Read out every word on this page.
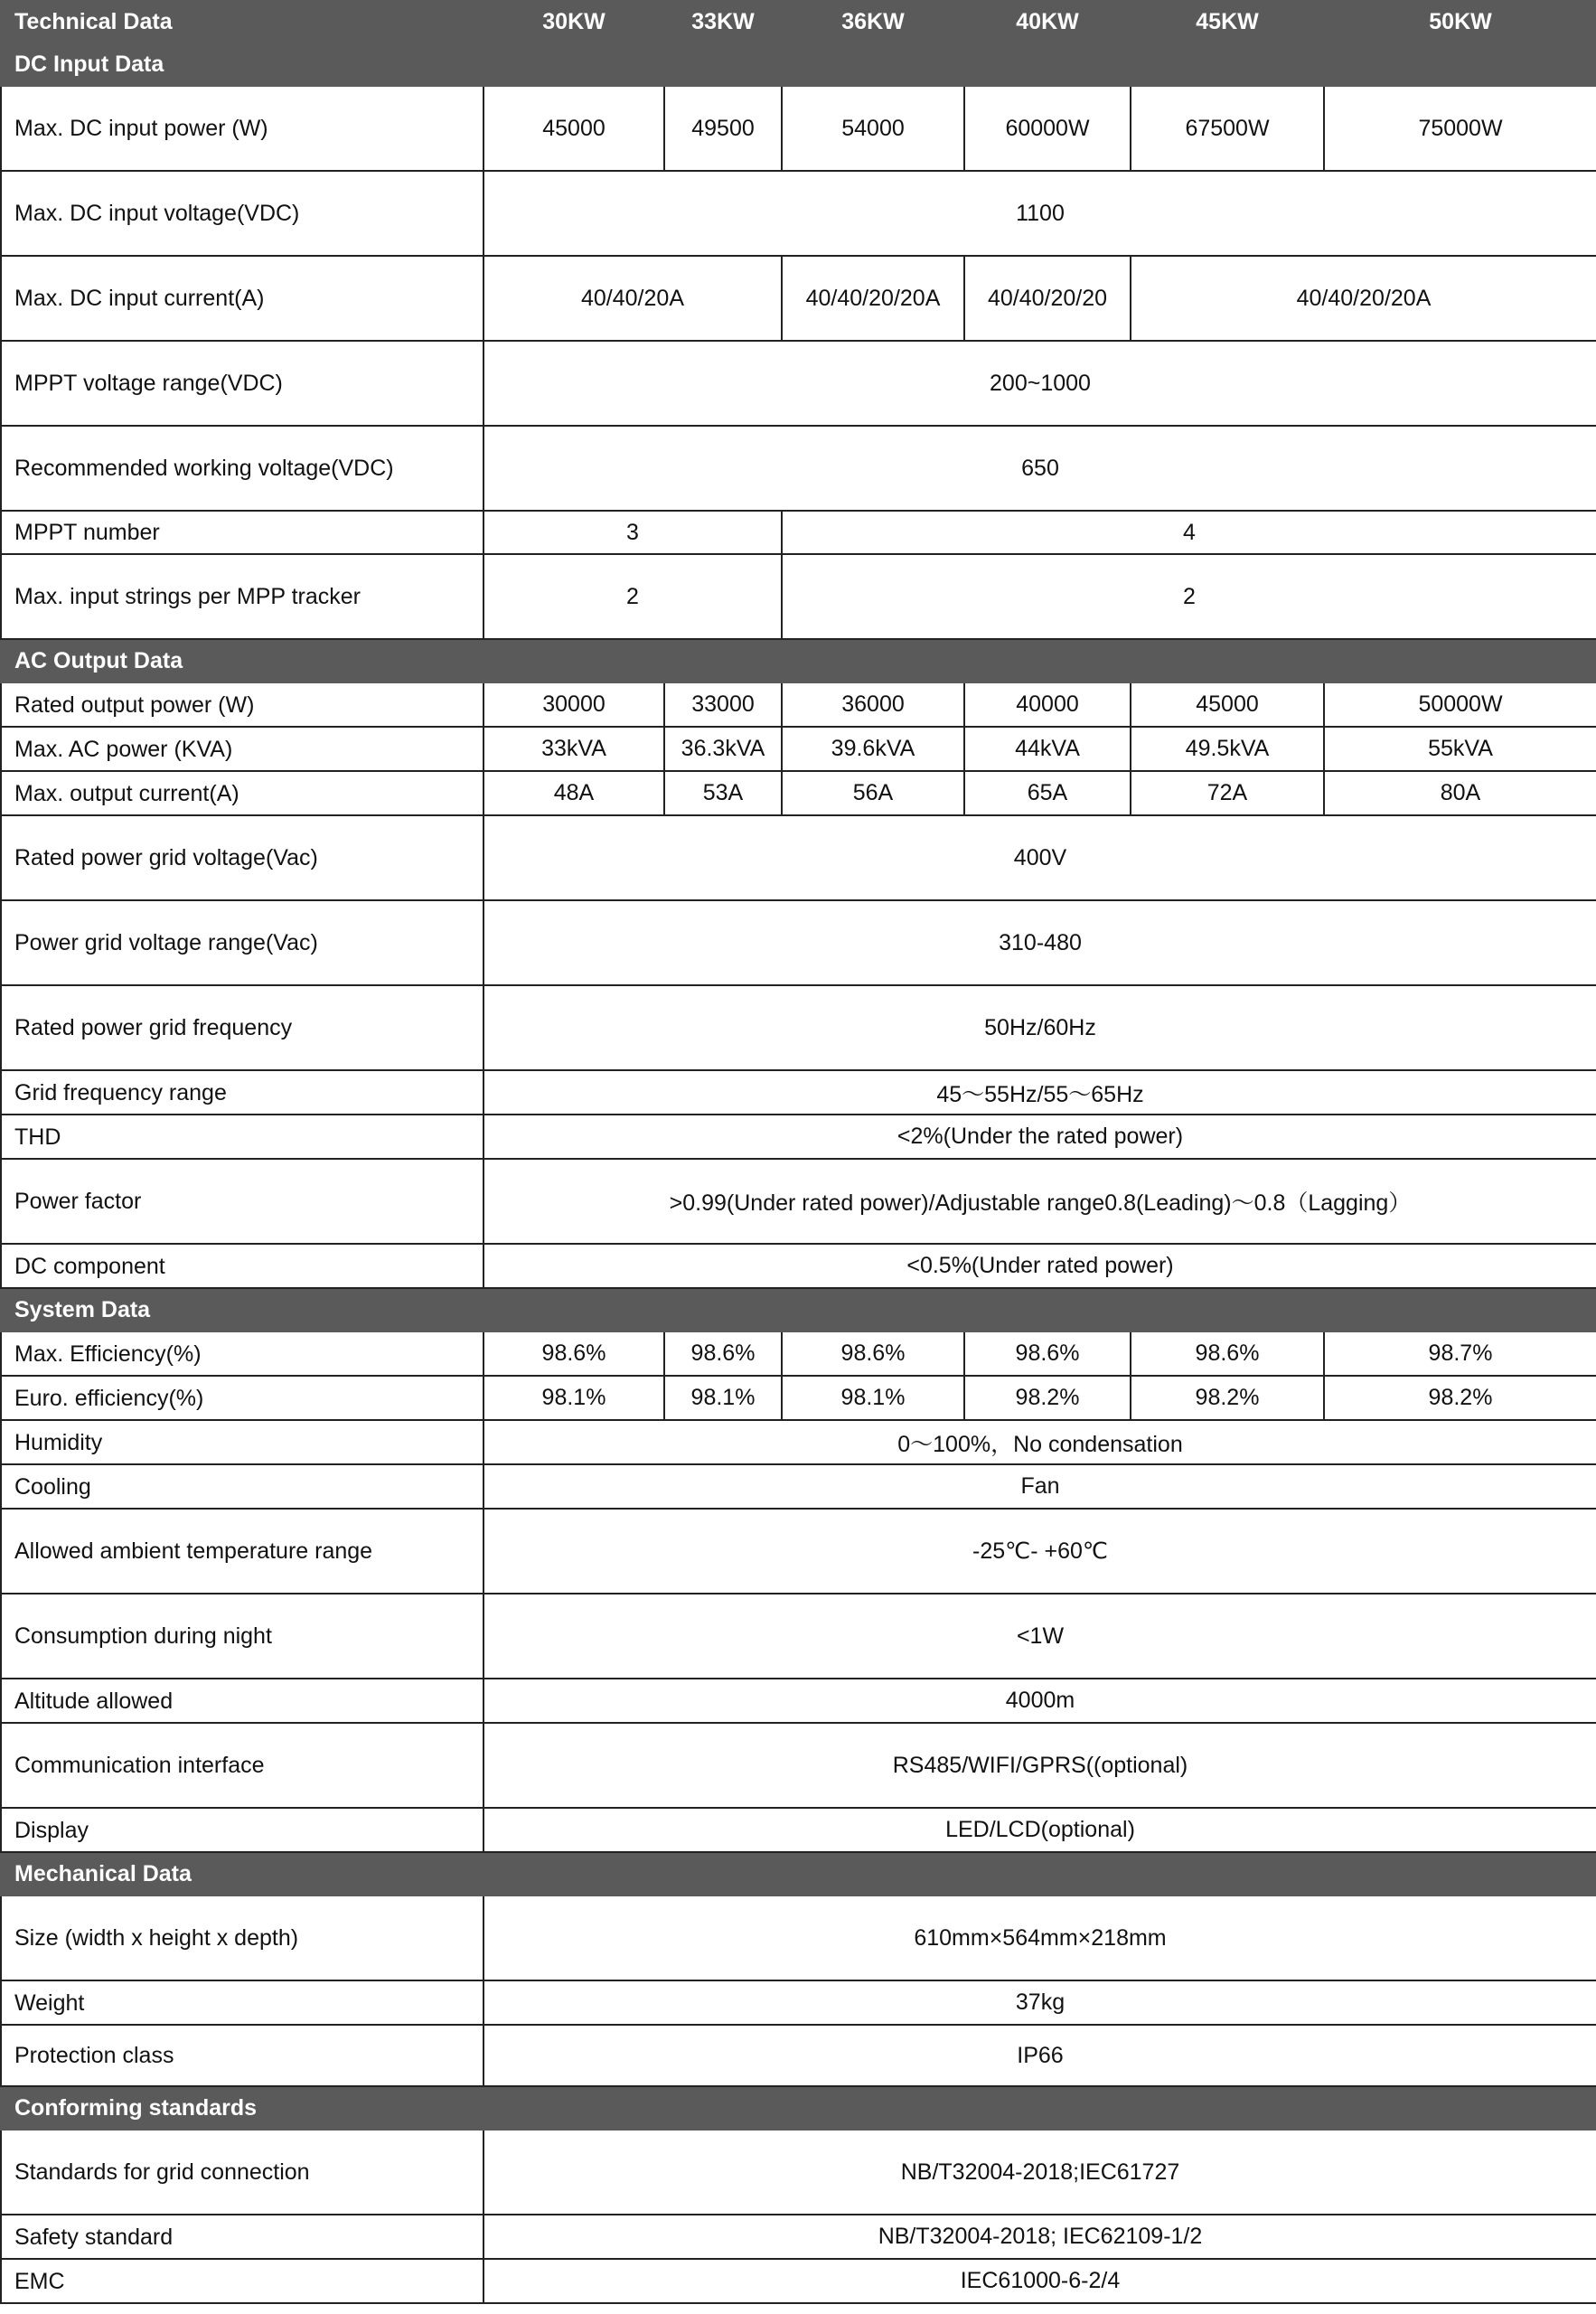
Technical Data	30KW	33KW	36KW	40KW	45KW	50KW
DC Input Data						
Max. DC input power (W)	45000	49500	54000	60000W	67500W	75000W
Max. DC input voltage(VDC)	1100					
Max. DC input current(A)	40/40/20A		40/40/20/20A	40/40/20/20	40/40/20/20A	
MPPT voltage range(VDC)	200~1000					
Recommended working voltage(VDC)	650					
MPPT number	3		4			
Max. input strings per MPP tracker	2		2			
AC Output Data						
Rated output power (W)	30000	33000	36000	40000	45000	50000W
Max. AC power (KVA)	33kVA	36.3kVA	39.6kVA	44kVA	49.5kVA	55kVA
Max. output current(A)	48A	53A	56A	65A	72A	80A
Rated power grid voltage(Vac)	400V					
Power grid voltage range(Vac)	310-480					
Rated power grid frequency	50Hz/60Hz					
Grid frequency range	45～55Hz/55～65Hz					
THD	<2%(Under the rated power)					
Power factor	>0.99(Under rated power)/Adjustable range0.8(Leading)～0.8（Lagging）					
DC component	<0.5%(Under rated power)					
System Data						
Max. Efficiency(%)	98.6%	98.6%	98.6%	98.6%	98.6%	98.7%
Euro. efficiency(%)	98.1%	98.1%	98.1%	98.2%	98.2%	98.2%
Humidity	0～100%，No condensation					
Cooling	Fan					
Allowed ambient temperature range	-25℃- +60℃					
Consumption during night	<1W					
Altitude allowed	4000m					
Communication interface	RS485/WIFI/GPRS((optional)					
Display	LED/LCD(optional)					
Mechanical Data						
Size (width x height x depth)	610mm×564mm×218mm					
Weight	37kg					
Protection class	IP66					
Conforming standards						
Standards for grid connection	NB/T32004-2018;IEC61727					
Safety standard	NB/T32004-2018; IEC62109-1/2					
EMC	IEC61000-6-2/4					
